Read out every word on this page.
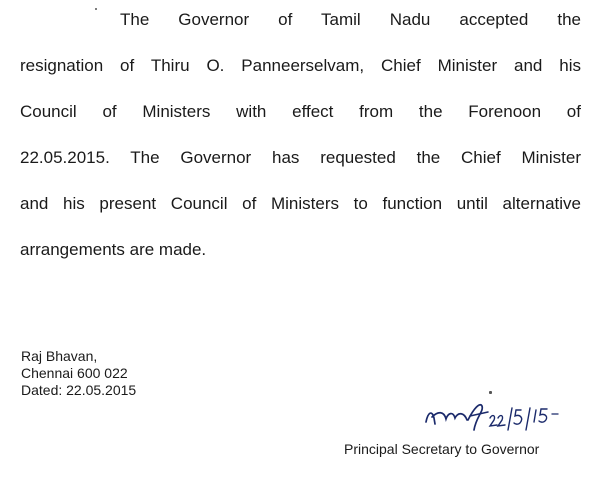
The Governor of Tamil Nadu accepted the
resignation of Thiru O. Panneerselvam, Chief Minister and his
Council of Ministers with effect from the Forenoon of
22.05.2015. The Governor has requested the Chief Minister
and his present Council of Ministers to function until alternative
arrangements are made.
Raj Bhavan,
Chennai 600 022
Dated: 22.05.2015
Principal Secretary to Governor
